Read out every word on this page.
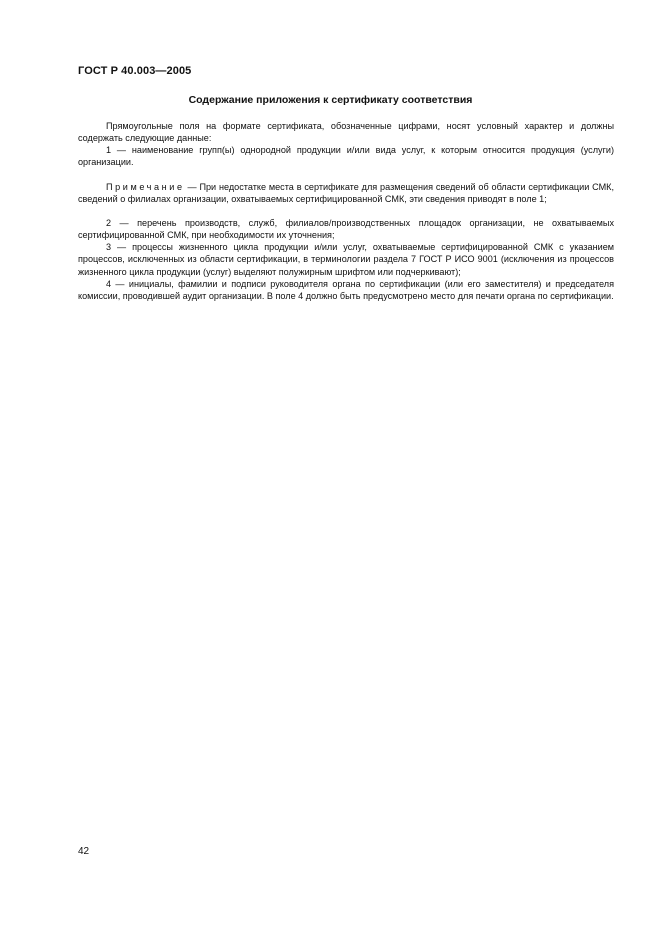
ГОСТ Р 40.003—2005
Содержание приложения к сертификату соответствия

Прямоугольные поля на формате сертификата, обозначенные цифрами, носят условный характер и должны содержать следующие данные:

1 — наименование групп(ы) однородной продукции и/или вида услуг, к которым относится продукция (услуги) организации.

Примечание — При недостатке места в сертификате для размещения сведений об области сертификации СМК, сведений о филиалах организации, охватываемых сертифицированной СМК, эти сведения приводят в поле 1;

2 — перечень производств, служб, филиалов/производственных площадок организации, не охватываемых сертифицированной СМК, при необходимости их уточнения;

3 — процессы жизненного цикла продукции и/или услуг, охватываемые сертифицированной СМК с указанием процессов, исключенных из области сертификации, в терминологии раздела 7 ГОСТ Р ИСО 9001 (исключения из процессов жизненного цикла продукции (услуг) выделяют полужирным шрифтом или подчеркивают);

4 — инициалы, фамилии и подписи руководителя органа по сертификации (или его заместителя) и председателя комиссии, проводившей аудит организации. В поле 4 должно быть предусмотрено место для печати органа по сертификации.

42
